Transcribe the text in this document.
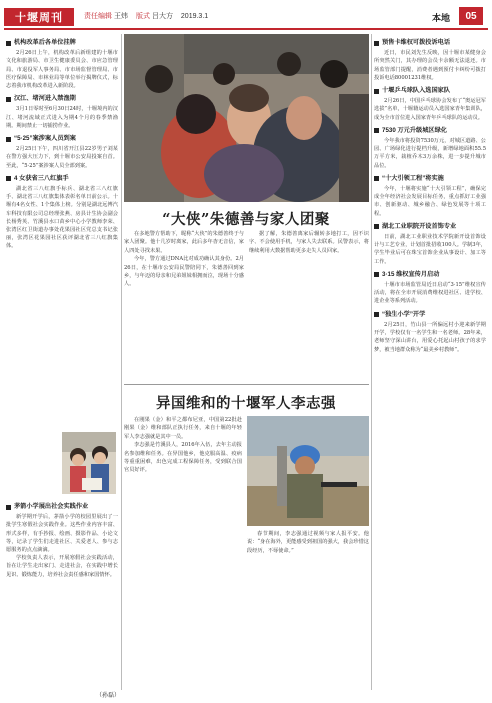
十堰周刊	责任编辑 王炜 版式 吕大方 2019.3.1	本地	05
机构改革后各单位挂牌

2月26日上午，机构改革后新组建的十堰市文化和旅游局、市卫生健康委员会、市应急管理局、市退役军人事务局、市市场监督管理局、市医疗保障局、市林业局等单位举行揭牌仪式，标志着我市机构改革进入新阶段。

汉江、堵河进入禁渔期

3月1日零时至6月30日24时，十堰境内的汉江、堵河流域正式进入为期4个月的春季禁渔期。期间禁止一切捕捞作业。

“5·25”案涉案人员到案

2月25日下午，四川省开江县22岁男子刘某在警方强大压力下，到十堰市公安局投案自首。至此，“5·25”案涉案人员全部到案。

4 女获省三八红旗手

湖北省三八红旗手标兵、湖北省三八红旗手、湖北省三八红旗集体表彰名单日前公示。十堰有4名女性、1个集体上榜。分别是湖北远博汽车科技有限公司总经理张燕、房县计生协会副会长杨秀英、竹溪县水口苗乡中心小学教师李荣、张湾区红卫街道办事处花果园社区党总支书记张丽，张湾区花果园社区获评湖北省三八红旗集体。

茅箭小学展出社会实践作业

新学期开学后，茅箭小学的校园里展出了一批学生寒假社会实践作业。这些作业内容丰富、形式多样，有手抄报、绘画、摄影作品、小论文等，记录了学生们走进社区、关爱老人、参与志愿服务的点点滴滴。

学校负责人表示，开展寒假社会实践活动，旨在让学生走出家门、走进社会，在实践中增长见识、锻炼能力，培养社会责任感和家国情怀。

（孙磊）
“大侠”朱德善与家人团聚

在多地警方帮助下，昵称“大侠”的朱德善终于与家人团聚。他十几岁时离家，此后多年杳无音信，家人四处寻找未果。

今年，警方通过DNA比对成功确认其身份。2月26日，在十堰市公安局民警陪同下，朱德善回到家乡，与年迈的母亲和兄弟姐妹相拥而泣，现场十分感人。

据了解，朱德善离家后辗转多地打工，因不识字、不会使用手机，与家人失去联系。民警表示，将继续利用大数据帮助更多走失人员回家。

异国维和的十堰军人李志强

在刚果（金）和平之都布尼亚，中国第22批赴刚果（金）维和部队正执行任务，来自十堰的年轻军人李志强就是其中一员。

李志强是竹溪县人，2016年入伍，去年主动报名参加维和任务。在异国他乡，他克服高温、疫病等重重困难，出色完成工程保障任务，受到联合国官员好评。

春节期间，李志强通过视频与家人报平安。他说：“身在海外，更能感受到祖国的强大，我会珍惜这段经历，不辱使命。”

预售卡维权可拨投诉电话

近日，市民刘先生反映，因十堰市某健身会所突然关门，其办理的会员卡余额无法退还。市场监管部门提醒，消费者遇到预付卡纠纷可拨打投诉电话80001231维权。

十堰乒乓球队入选国家队

2月26日，中国乒乓球协会发布了“奥运冠军选拔”名单，十堰籍运动员入选国家青年集训队，成为全市首位进入国家青年乒乓球队的运动员。

7530 万元升级城区绿化

今年我市将投资7530万元，对城区道路、公园、广场绿化进行提档升级，新增绿地面积55.5万平方米，栽植乔木3万余株，进一步提升城市品位。

“十大引领工程”将实施

今年，十堰将实施“十大引领工程”，确保完成全年经济社会发展目标任务，重点抓好工业强市、创新驱动、城乡融合、绿色发展等十项工程。

湖北工业职院开设首饰专业

日前，湖北工业职业技术学院新开设首饰设计与工艺专业，计划首批招收100人。学制3年，学生毕业后可在珠宝首饰企业从事设计、加工等工作。

3·15 维权宣传月启动

十堰市市场监管局近日启动“3·15”维权宣传活动，将在全市开展消费维权进社区、进学校、进企业等系列活动。

“独生小学”开学

2月25日，竹山县一所偏远村小迎来新学期开学，学校仅有一名学生和一名老师。28年来，老师坚守深山讲台，用爱心托起山村孩子的求学梦，被当地群众称为“最美乡村教师”。
